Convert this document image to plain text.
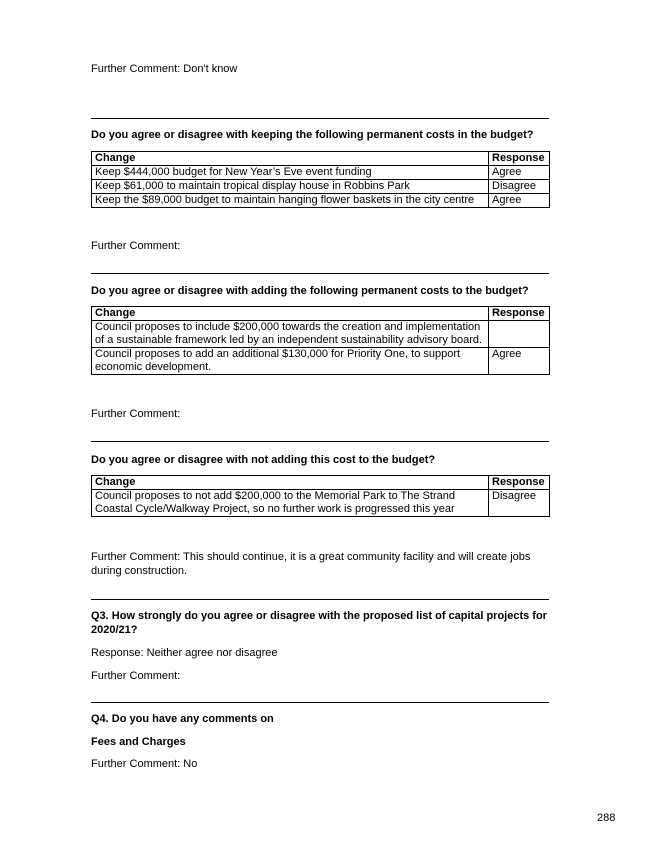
Further Comment: Don't know
Do you agree or disagree with keeping the following permanent costs in the budget?
Change	Response
Keep $444,000 budget for New Year’s Eve event funding	Agree
Keep $61,000 to maintain tropical display house in Robbins Park	Disagree
Keep the $89,000 budget to maintain hanging flower baskets in the city centre	Agree
Further Comment:
Do you agree or disagree with adding the following permanent costs to the budget?
Change	Response
Council proposes to include $200,000 towards the creation and implementation of a sustainable framework led by an independent sustainability advisory board.	
Council proposes to add an additional $130,000 for Priority One, to support economic development.	Agree
Further Comment:
Do you agree or disagree with not adding this cost to the budget?
Change	Response
Council proposes to not add $200,000 to the Memorial Park to The Strand Coastal Cycle/Walkway Project, so no further work is progressed this year	Disagree
Further Comment: This should continue, it is a great community facility and will create jobs during construction.
Q3. How strongly do you agree or disagree with the proposed list of capital projects for 2020/21?
Response: Neither agree nor disagree
Further Comment:
Q4. Do you have any comments on
Fees and Charges
Further Comment: No
288
